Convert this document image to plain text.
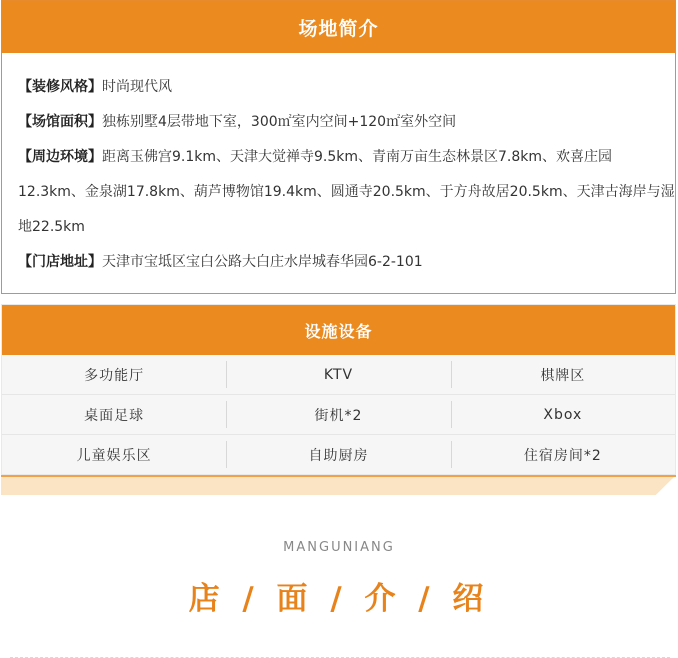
场地简介

【装修风格】时尚现代风

【场馆面积】独栋别墅4层带地下室，300㎡室内空间+120㎡室外空间

【周边环境】距离玉佛宫9.1km、天津大觉禅寺9.5km、青南万亩生态林景区7.8km、欢喜庄园12.3km、金泉湖17.8km、葫芦博物馆19.4km、圆通寺20.5km、于方舟故居20.5km、天津古海岸与湿地22.5km

【门店地址】天津市宝坻区宝白公路大白庄水岸城春华园6-2-101

设施设备
多功能厅	KTV	棋牌区
桌面足球	街机*2	Xbox
儿童娱乐区	自助厨房	住宿房间*2
MANGUNIANG
店 / 面 / 介 / 绍
